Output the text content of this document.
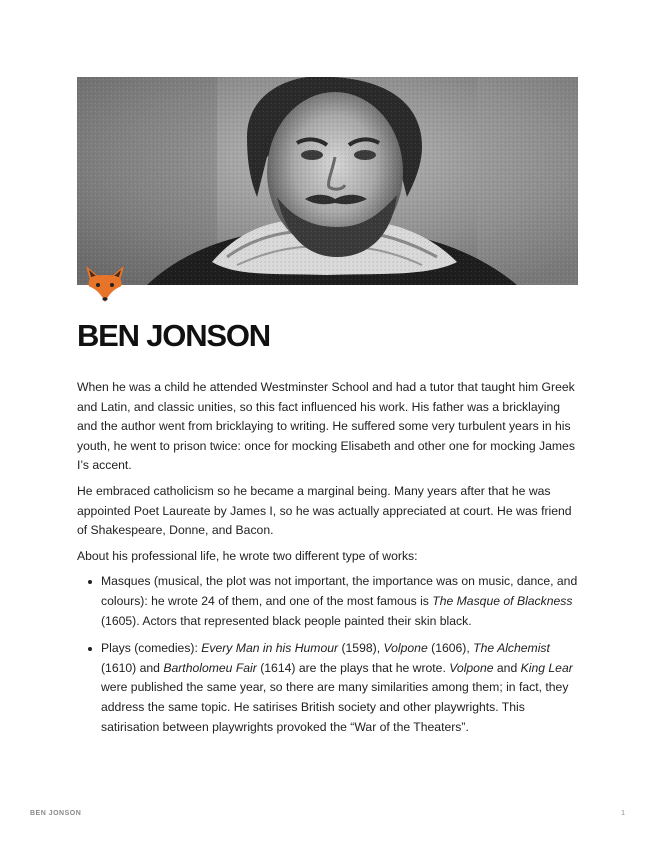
BEN JONSON

When he was a child he attended Westminster School and had a tutor that taught him Greek and Latin, and classic unities, so this fact influenced his work. His father was a bricklaying and the author went from bricklaying to writing. He suffered some very turbulent years in his youth, he went to prison twice: once for mocking Elisabeth and other one for mocking James I’s accent.

He embraced catholicism so he became a marginal being. Many years after that he was appointed Poet Laureate by James I, so he was actually appreciated at court. He was friend of Shakespeare, Donne, and Bacon.

About his professional life, he wrote two different type of works:

Masques (musical, the plot was not important, the importance was on music, dance, and colours): he wrote 24 of them, and one of the most famous is The Masque of Blackness (1605). Actors that represented black people painted their skin black.
Plays (comedies): Every Man in his Humour (1598), Volpone (1606), The Alchemist (1610) and Bartholomeu Fair (1614) are the plays that he wrote. Volpone and King Lear were published the same year, so there are many similarities among them; in fact, they address the same topic. He satirises British society and other playwrights. This satirisation between playwrights provoked the “War of the Theaters”.
BEN JONSON	1
